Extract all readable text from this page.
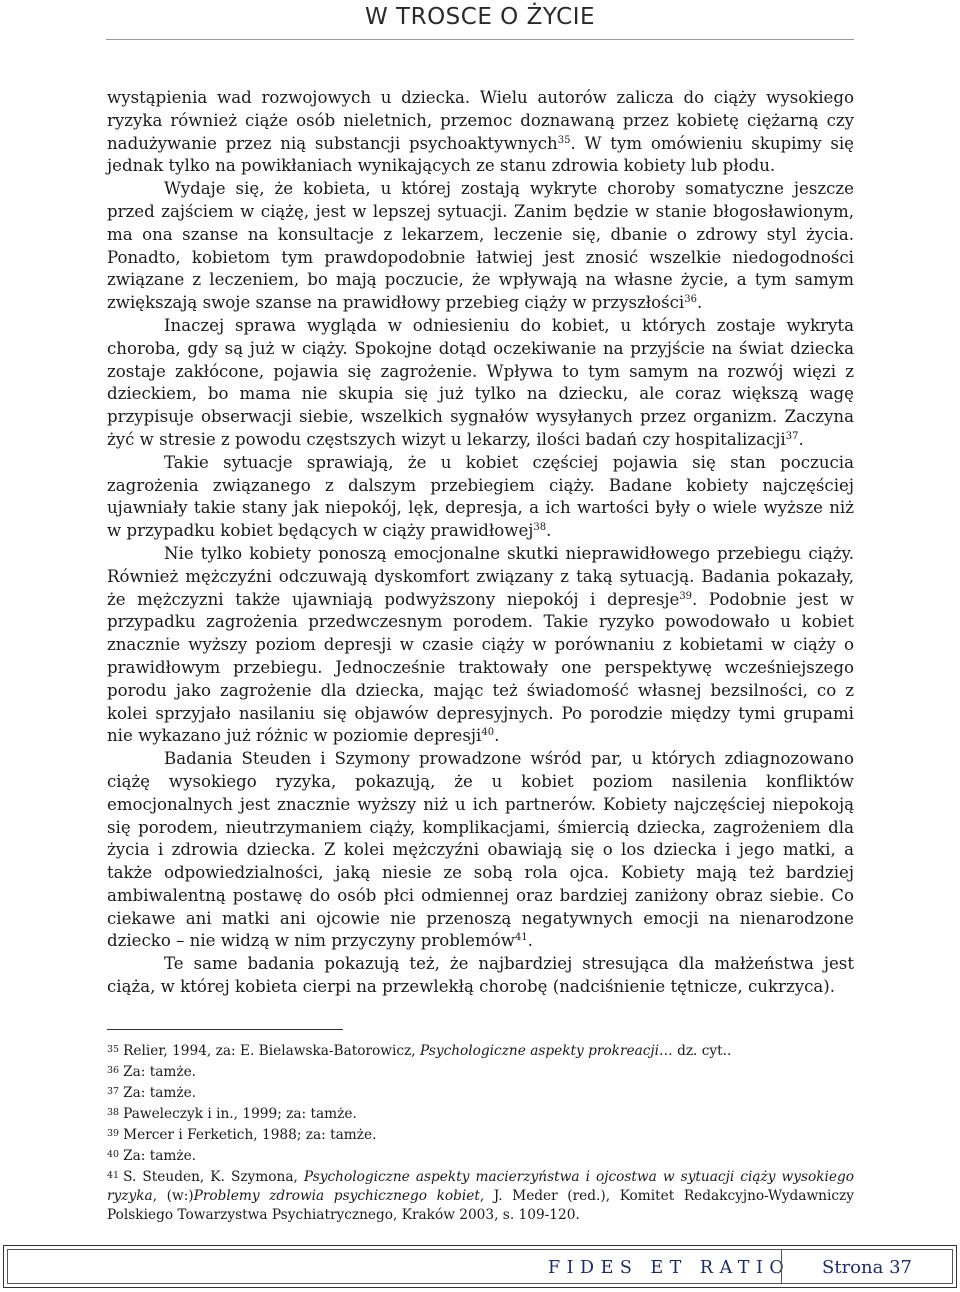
W TROSCE O ŻYCIE

wystąpienia wad rozwojowych u dziecka. Wielu autorów zalicza do ciąży wysokiego ryzyka również ciąże osób nieletnich, przemoc doznawaną przez kobietę ciężarną czy nadużywanie przez nią substancji psychoaktywnych$^{35}$. W tym omówieniu skupimy się jednak tylko na powikłaniach wynikających ze stanu zdrowia kobiety lub płodu.

Wydaje się, że kobieta, u której zostają wykryte choroby somatyczne jeszcze przed zajściem w ciążę, jest w lepszej sytuacji. Zanim będzie w stanie błogosławionym, ma ona szanse na konsultacje z lekarzem, leczenie się, dbanie o zdrowy styl życia. Ponadto, kobietom tym prawdopodobnie łatwiej jest znosić wszelkie niedogodności związane z leczeniem, bo mają poczucie, że wpływają na własne życie, a tym samym zwiększają swoje szanse na prawidłowy przebieg ciąży w przyszłości$^{36}$.

Inaczej sprawa wygląda w odniesieniu do kobiet, u których zostaje wykryta choroba, gdy są już w ciąży. Spokojne dotąd oczekiwanie na przyjście na świat dziecka zostaje zakłócone, pojawia się zagrożenie. Wpływa to tym samym na rozwój więzi z dzieckiem, bo mama nie skupia się już tylko na dziecku, ale coraz większą wagę przypisuje obserwacji siebie, wszelkich sygnałów wysyłanych przez organizm. Zaczyna żyć w stresie z powodu częstszych wizyt u lekarzy, ilości badań czy hospitalizacji$^{37}$.

Takie sytuacje sprawiają, że u kobiet częściej pojawia się stan poczucia zagrożenia związanego z dalszym przebiegiem ciąży. Badane kobiety najczęściej ujawniały takie stany jak niepokój, lęk, depresja, a ich wartości były o wiele wyższe niż w przypadku kobiet będących w ciąży prawidłowej$^{38}$.

Nie tylko kobiety ponoszą emocjonalne skutki nieprawidłowego przebiegu ciąży. Również mężczyźni odczuwają dyskomfort związany z taką sytuacją. Badania pokazały, że mężczyzni także ujawniają podwyższony niepokój i depresje$^{39}$. Podobnie jest w przypadku zagrożenia przedwczesnym porodem. Takie ryzyko powodowało u kobiet znacznie wyższy poziom depresji w czasie ciąży w porównaniu z kobietami w ciąży o prawidłowym przebiegu. Jednocześnie traktowały one perspektywę wcześniejszego porodu jako zagrożenie dla dziecka, mając też świadomość własnej bezsilności, co z kolei sprzyjało nasilaniu się objawów depresyjnych. Po porodzie między tymi grupami nie wykazano już różnic w poziomie depresji$^{40}$.

Badania Steuden i Szymony prowadzone wśród par, u których zdiagnozowano ciążę wysokiego ryzyka, pokazują, że u kobiet poziom nasilenia konfliktów emocjonalnych jest znacznie wyższy niż u ich partnerów. Kobiety najczęściej niepokoją się porodem, nieutrzymaniem ciąży, komplikacjami, śmiercią dziecka, zagrożeniem dla życia i zdrowia dziecka. Z kolei mężczyźni obawiają się o los dziecka i jego matki, a także odpowiedzialności, jaką niesie ze sobą rola ojca. Kobiety mają też bardziej ambiwalentną postawę do osób płci odmiennej oraz bardziej zaniżony obraz siebie. Co ciekawe ani matki ani ojcowie nie przenoszą negatywnych emocji na nienarodzone dziecko – nie widzą w nim przyczyny problemów$^{41}$.

Te same badania pokazują też, że najbardziej stresująca dla małżeństwa jest ciąża, w której kobieta cierpi na przewlekłą chorobę (nadciśnienie tętnicze, cukrzyca).

$^{35}$ Relier, 1994, za: E. Bielawska-Batorowicz, Psychologiczne aspekty prokreacji… dz. cyt..
$^{36}$ Za: tamże.
$^{37}$ Za: tamże.
$^{38}$ Paweleczyk i in., 1999; za: tamże.
$^{39}$ Mercer i Ferketich, 1988; za: tamże.
$^{40}$ Za: tamże.
$^{41}$ S. Steuden, K. Szymona, Psychologiczne aspekty macierzyństwa i ojcostwa w sytuacji ciąży wysokiego ryzyka, (w:)Problemy zdrowia psychicznego kobiet, J. Meder (red.), Komitet Redakcyjno-Wydawniczy Polskiego Towarzystwa Psychiatrycznego, Kraków 2003, s. 109-120.
FIDES ET RATIO	Strona 37
